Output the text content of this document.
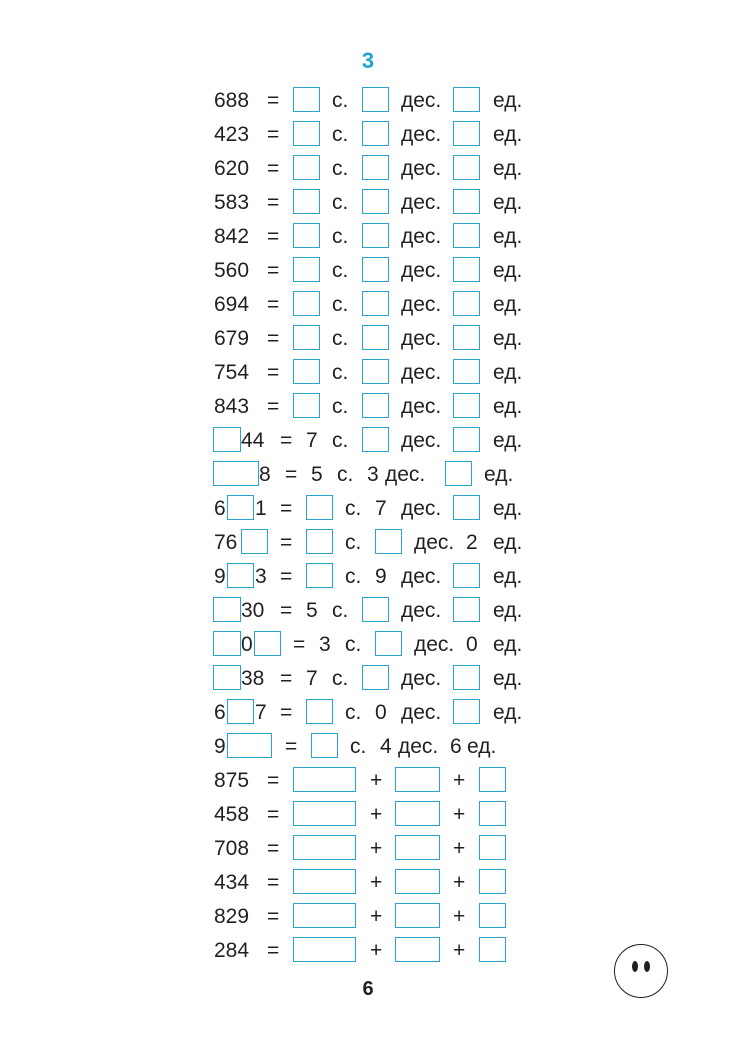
3
688 =	с.	дес. ед.
423 =	с.	дес. ед.
620 =	с.	дес. ед.
583 =	с.	дес. ед.
842 =	с.	дес. ед.
560 =	с.	дес. ед.
694 =	с.	дес. ед.
679 =	с.	дес. ед.
754 =	с.	дес. ед.
843 =	с.	дес. ед.
44 = 7 с.	дес. ед.
8 = 5 с. 3 дес.	ед.
6 1 =	с. 7 дес. ед.
76 =	с.	дес. 2 ед.
9 3 =	с. 9 дес. ед.
30 = 5 с.	дес. ед.
0 = 3 с.	дес. 0 ед.
38 = 7 с.	дес. ед.
6 7 =	с. 0 дес. ед.
9	=	с. 4 дес. 6 ед.
875 =	+	+
458 =	+	+
708 =	+	+
434 =	+	+
829 =	+	+
284 =	+	+
6
